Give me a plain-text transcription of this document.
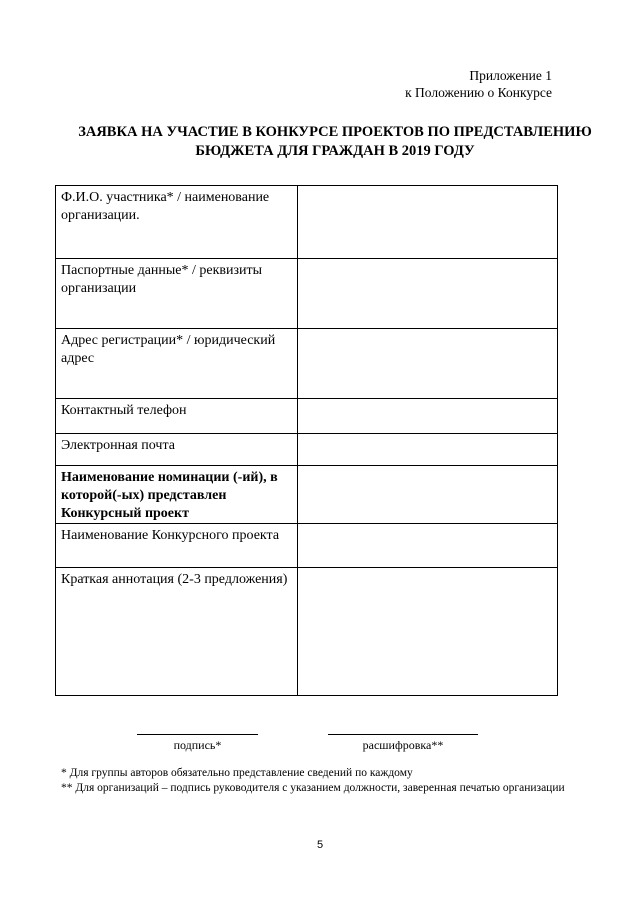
Приложение 1
к Положению о Конкурсе
ЗАЯВКА НА УЧАСТИЕ В КОНКУРСЕ ПРОЕКТОВ ПО ПРЕДСТАВЛЕНИЮ
БЮДЖЕТА ДЛЯ ГРАЖДАН В 2019 ГОДУ
Ф.И.О. участника* / наименование организации.	
Паспортные данные* / реквизиты организации	
Адрес регистрации* / юридический адрес	
Контактный телефон	
Электронная почта	
Наименование номинации (-ий), в которой(-ых) представлен Конкурсный проект	
Наименование Конкурсного проекта	
Краткая аннотация (2-3 предложения)	
подпись*	расшифровка**

* Для группы авторов обязательно представление сведений по каждому

** Для организаций – подпись руководителя с указанием должности, заверенная печатью организации

5
